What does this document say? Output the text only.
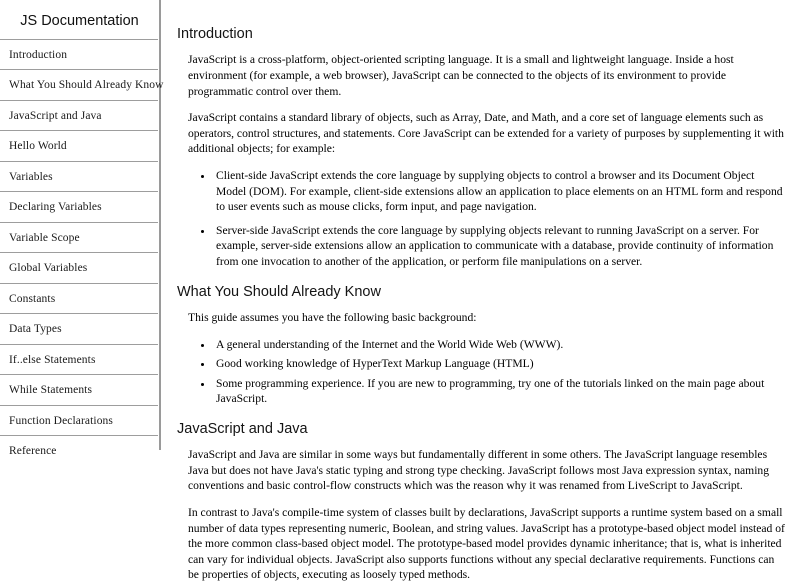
JS Documentation
Introduction
What You Should Already Know
JavaScript and Java
Hello World
Variables
Declaring Variables
Variable Scope
Global Variables
Constants
Data Types
If..else Statements
While Statements
Function Declarations
Reference
Introduction

JavaScript is a cross-platform, object-oriented scripting language. It is a small and lightweight language. Inside a host environment (for example, a web browser), JavaScript can be connected to the objects of its environment to provide programmatic control over them.

JavaScript contains a standard library of objects, such as Array, Date, and Math, and a core set of language elements such as operators, control structures, and statements. Core JavaScript can be extended for a variety of purposes by supplementing it with additional objects; for example:

• Client-side JavaScript extends the core language by supplying objects to control a browser and its Document Object Model (DOM). For example, client-side extensions allow an application to place elements on an HTML form and respond to user events such as mouse clicks, form input, and page navigation.
• Server-side JavaScript extends the core language by supplying objects relevant to running JavaScript on a server. For example, server-side extensions allow an application to communicate with a database, provide continuity of information from one invocation to another of the application, or perform file manipulations on a server.
What You Should Already Know

This guide assumes you have the following basic background:

• A general understanding of the Internet and the World Wide Web (WWW).
• Good working knowledge of HyperText Markup Language (HTML)
• Some programming experience. If you are new to programming, try one of the tutorials linked on the main page about JavaScript.
JavaScript and Java

JavaScript and Java are similar in some ways but fundamentally different in some others. The JavaScript language resembles Java but does not have Java's static typing and strong type checking. JavaScript follows most Java expression syntax, naming conventions and basic control-flow constructs which was the reason why it was renamed from LiveScript to JavaScript.

In contrast to Java's compile-time system of classes built by declarations, JavaScript supports a runtime system based on a small number of data types representing numeric, Boolean, and string values. JavaScript has a prototype-based object model instead of the more common class-based object model. The prototype-based model provides dynamic inheritance; that is, what is inherited can vary for individual objects. JavaScript also supports functions without any special declarative requirements. Functions can be properties of objects, executing as loosely typed methods.
